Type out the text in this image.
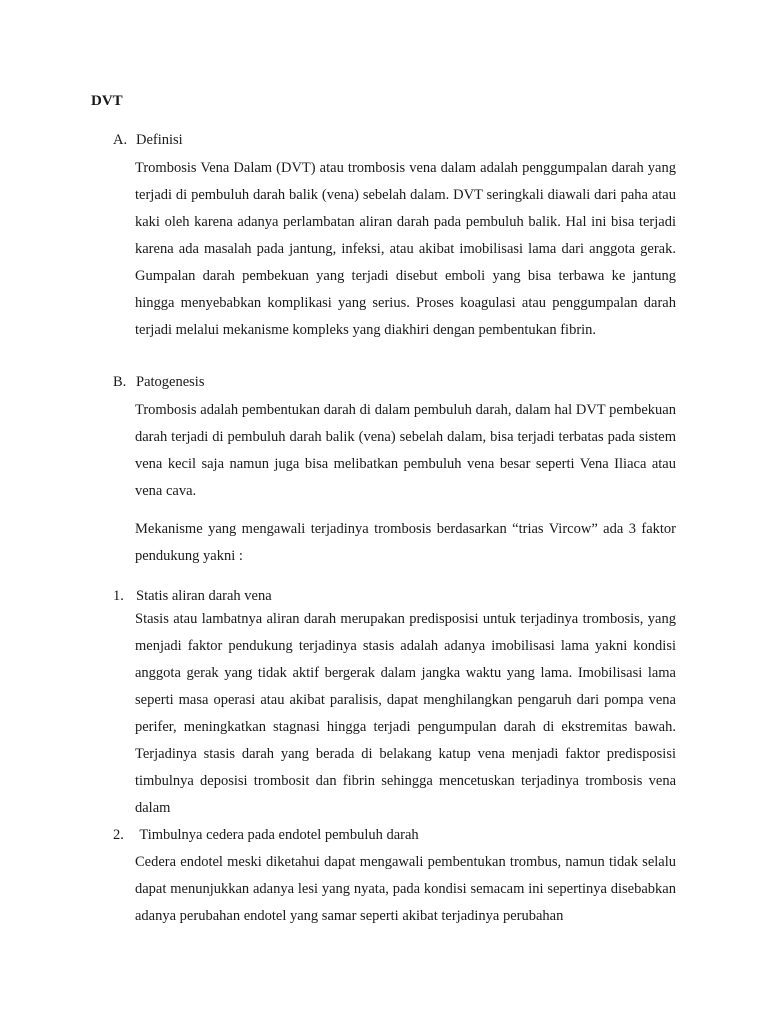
DVT
A. Definisi

Trombosis Vena Dalam (DVT) atau trombosis vena dalam adalah penggumpalan darah yang terjadi di pembuluh darah balik (vena) sebelah dalam. DVT seringkali diawali dari paha atau kaki oleh karena adanya perlambatan aliran darah pada pembuluh balik. Hal ini bisa terjadi karena ada masalah pada jantung, infeksi, atau akibat imobilisasi lama dari anggota gerak. Gumpalan darah pembekuan yang terjadi disebut emboli yang bisa terbawa ke jantung hingga menyebabkan komplikasi yang serius. Proses koagulasi atau penggumpalan darah terjadi melalui mekanisme kompleks yang diakhiri dengan pembentukan fibrin.

B. Patogenesis

Trombosis adalah pembentukan darah di dalam pembuluh darah, dalam hal DVT pembekuan darah terjadi di pembuluh darah balik (vena) sebelah dalam, bisa terjadi terbatas pada sistem vena kecil saja namun juga bisa melibatkan pembuluh vena besar seperti Vena Iliaca atau vena cava.

Mekanisme yang mengawali terjadinya trombosis berdasarkan “trias Vircow” ada 3 faktor pendukung yakni :

1. Statis aliran darah vena

Stasis atau lambatnya aliran darah merupakan predisposisi untuk terjadinya trombosis, yang menjadi faktor pendukung terjadinya stasis adalah adanya imobilisasi lama yakni kondisi anggota gerak yang tidak aktif bergerak dalam jangka waktu yang lama. Imobilisasi lama seperti masa operasi atau akibat paralisis, dapat menghilangkan pengaruh dari pompa vena perifer, meningkatkan stagnasi hingga terjadi pengumpulan darah di ekstremitas bawah. Terjadinya stasis darah yang berada di belakang katup vena menjadi faktor predisposisi timbulnya deposisi trombosit dan fibrin sehingga mencetuskan terjadinya trombosis vena dalam

2. Timbulnya cedera pada endotel pembuluh darah

Cedera endotel meski diketahui dapat mengawali pembentukan trombus, namun tidak selalu dapat menunjukkan adanya lesi yang nyata, pada kondisi semacam ini sepertinya disebabkan adanya perubahan endotel yang samar seperti akibat terjadinya perubahan
